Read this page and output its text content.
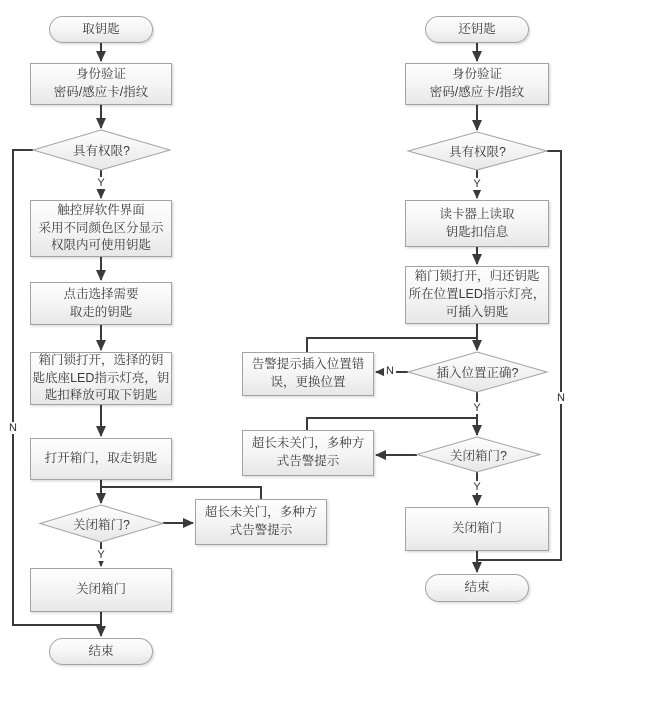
取钥匙
身份验证
密码/感应卡/指纹
具有权限?
触控屏软件界面
采用不同颜色区分显示
权限内可使用钥匙
点击选择需要
取走的钥匙
箱门锁打开，选择的钥
匙底座LED指示灯亮，钥
匙扣释放可取下钥匙
打开箱门，取走钥匙
关闭箱门?
超长未关门，多种方
式告警提示
关闭箱门
结束
还钥匙
身份验证
密码/感应卡/指纹
具有权限?
读卡器上读取
钥匙扣信息
箱门锁打开，归还钥匙
所在位置LED指示灯亮，
可插入钥匙
插入位置正确?
告警提示插入位置错
误，更换位置
关闭箱门?
超长未关门，多种方
式告警提示
关闭箱门
结束
Y
N
Y
Y
N
N
Y
Y
